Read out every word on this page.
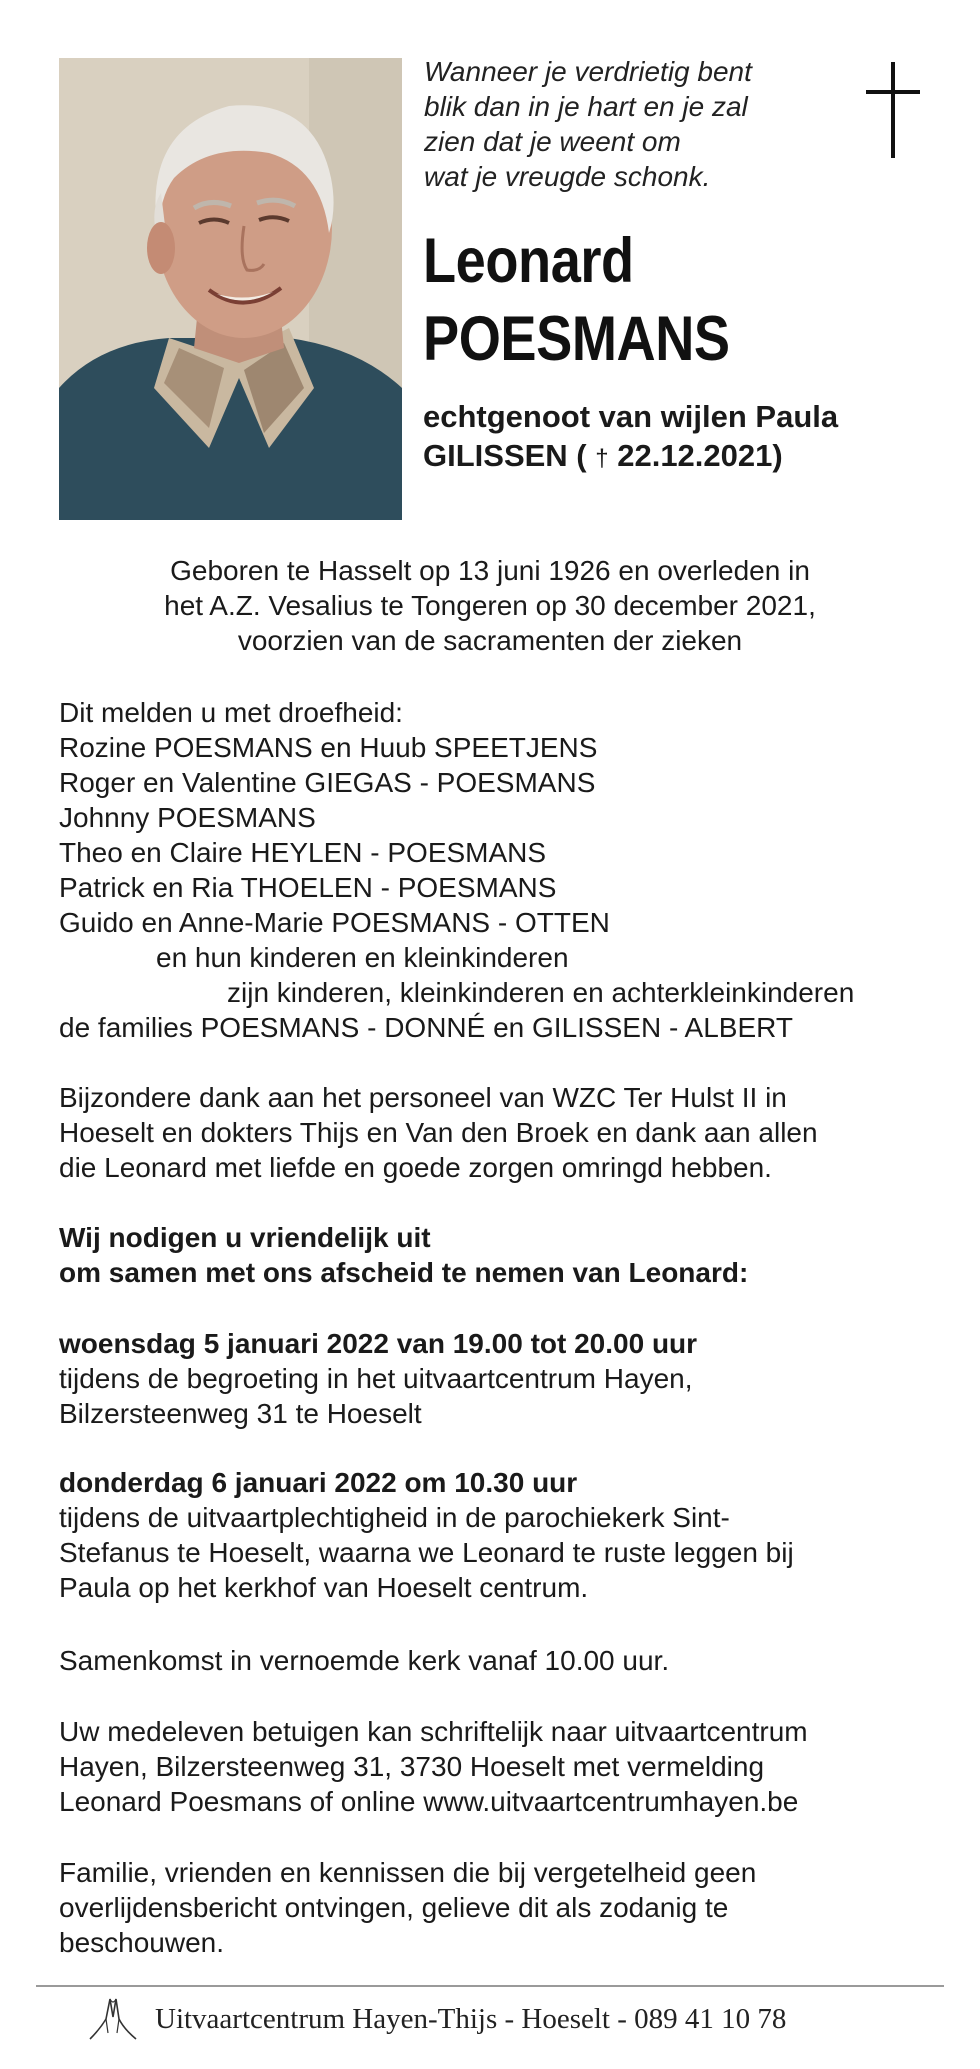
Wanneer je verdrietig bent
blik dan in je hart en je zal
zien dat je weent om
wat je vreugde schonk.
Leonard
POESMANS
echtgenoot van wijlen Paula
GILISSEN ( † 22.12.2021)
Geboren te Hasselt op 13 juni 1926 en overleden in
het A.Z. Vesalius te Tongeren op 30 december 2021,
voorzien van de sacramenten der zieken
Dit melden u met droefheid:
Rozine POESMANS en Huub SPEETJENS
Roger en Valentine GIEGAS - POESMANS
Johnny POESMANS
Theo en Claire HEYLEN - POESMANS
Patrick en Ria THOELEN - POESMANS
Guido en Anne-Marie POESMANS - OTTEN
en hun kinderen en kleinkinderen
zijn kinderen, kleinkinderen en achterkleinkinderen
de families POESMANS - DONNÉ en GILISSEN - ALBERT
Bijzondere dank aan het personeel van WZC Ter Hulst II in
Hoeselt en dokters Thijs en Van den Broek en dank aan allen
die Leonard met liefde en goede zorgen omringd hebben.
Wij nodigen u vriendelijk uit
om samen met ons afscheid te nemen van Leonard:
woensdag 5 januari 2022 van 19.00 tot 20.00 uur
tijdens de begroeting in het uitvaartcentrum Hayen,
Bilzersteenweg 31 te Hoeselt
donderdag 6 januari 2022 om 10.30 uur
tijdens de uitvaartplechtigheid in de parochiekerk Sint-
Stefanus te Hoeselt, waarna we Leonard te ruste leggen bij
Paula op het kerkhof van Hoeselt centrum.
Samenkomst in vernoemde kerk vanaf 10.00 uur.
Uw medeleven betuigen kan schriftelijk naar uitvaartcentrum
Hayen, Bilzersteenweg 31, 3730 Hoeselt met vermelding
Leonard Poesmans of online www.uitvaartcentrumhayen.be
Familie, vrienden en kennissen die bij vergetelheid geen
overlijdensbericht ontvingen, gelieve dit als zodanig te
beschouwen.
Uitvaartcentrum Hayen-Thijs - Hoeselt - 089 41 10 78
